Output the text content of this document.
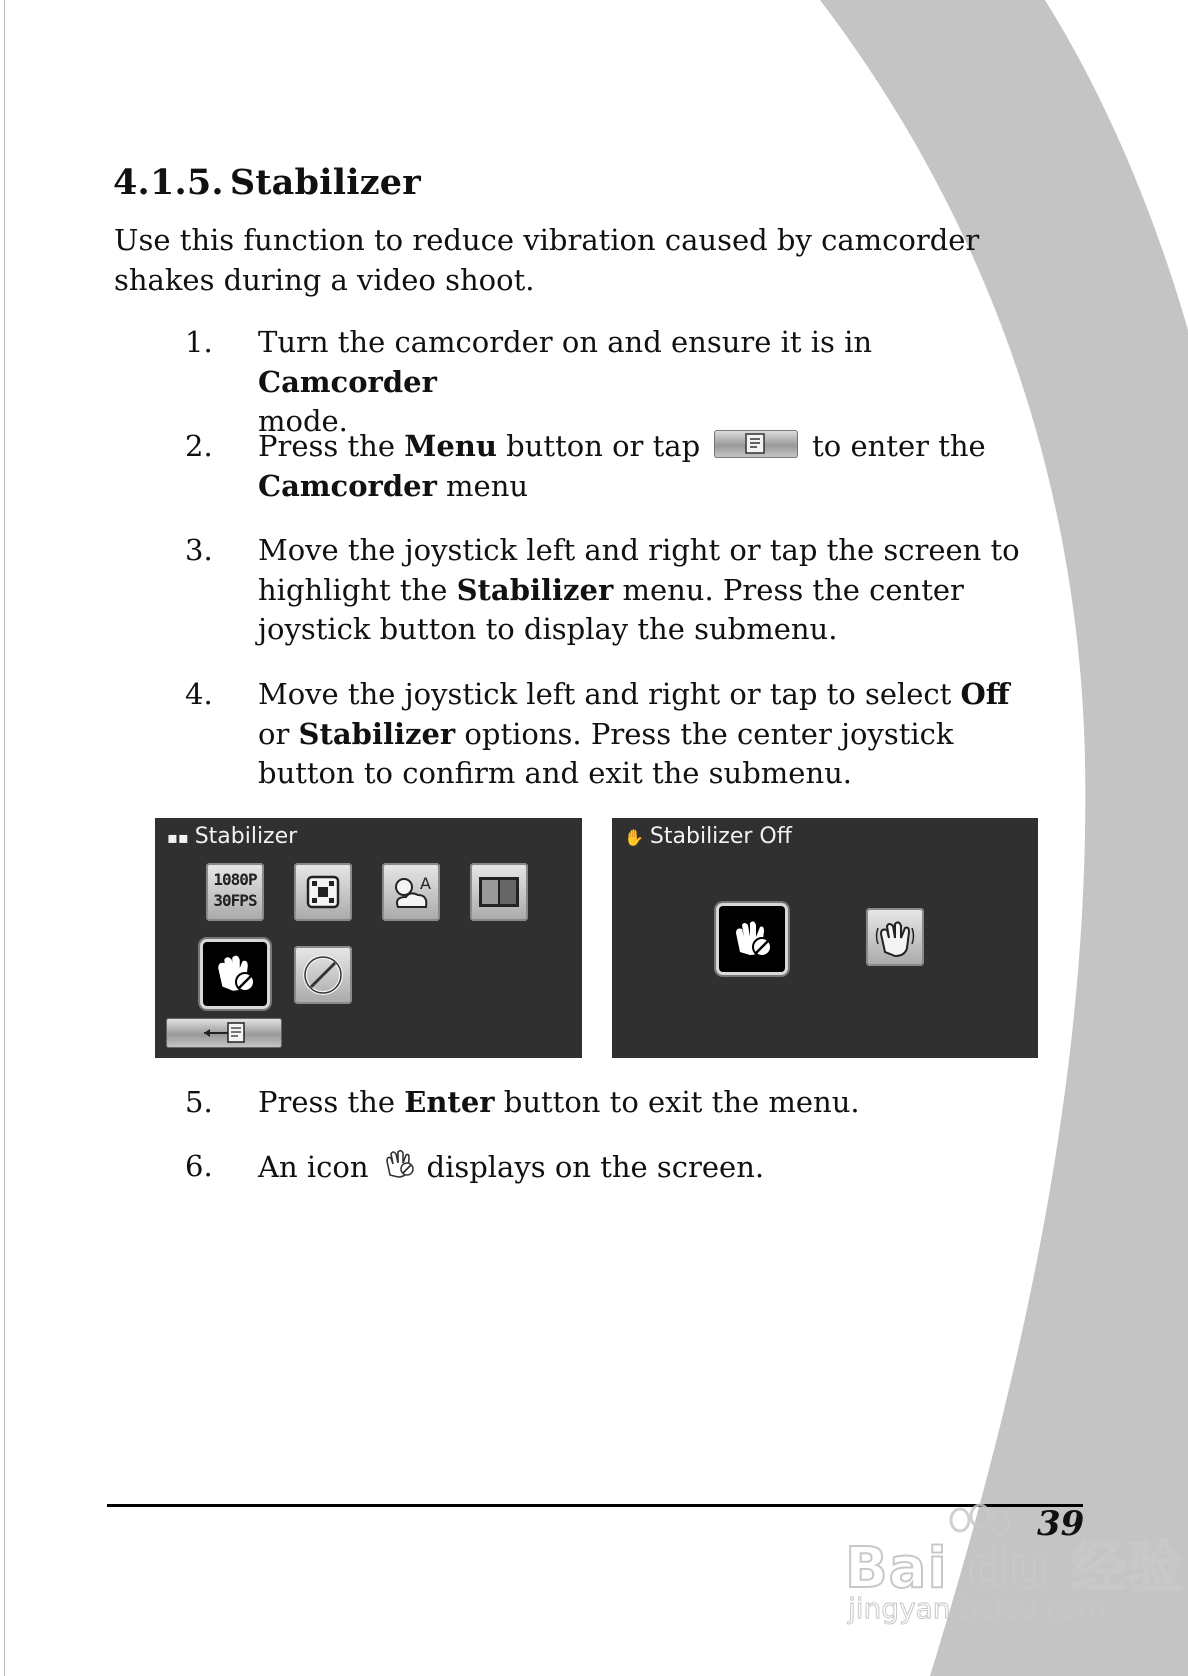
4.1.5. Stabilizer
Use this function to reduce vibration caused by camcorder shakes during a video shoot.
1.	Turn the camcorder on and ensure it is in Camcorder
mode.
2.	Press the Menu button or tap	to enter the
Camcorder menu
3.	Move the joystick left and right or tap the screen to highlight the Stabilizer menu. Press the center joystick button to display the submenu.
4.	Move the joystick left and right or tap to select Off or Stabilizer options. Press the center joystick button to confirm and exit the submenu.
▪▪ Stabilizer
1080P
30FPS
A
✋ Stabilizer Off
5.	Press the Enter button to exit the menu.
6.	An icon displays on the screen.
39
Bai du 经验
jingyan.baidu.com
